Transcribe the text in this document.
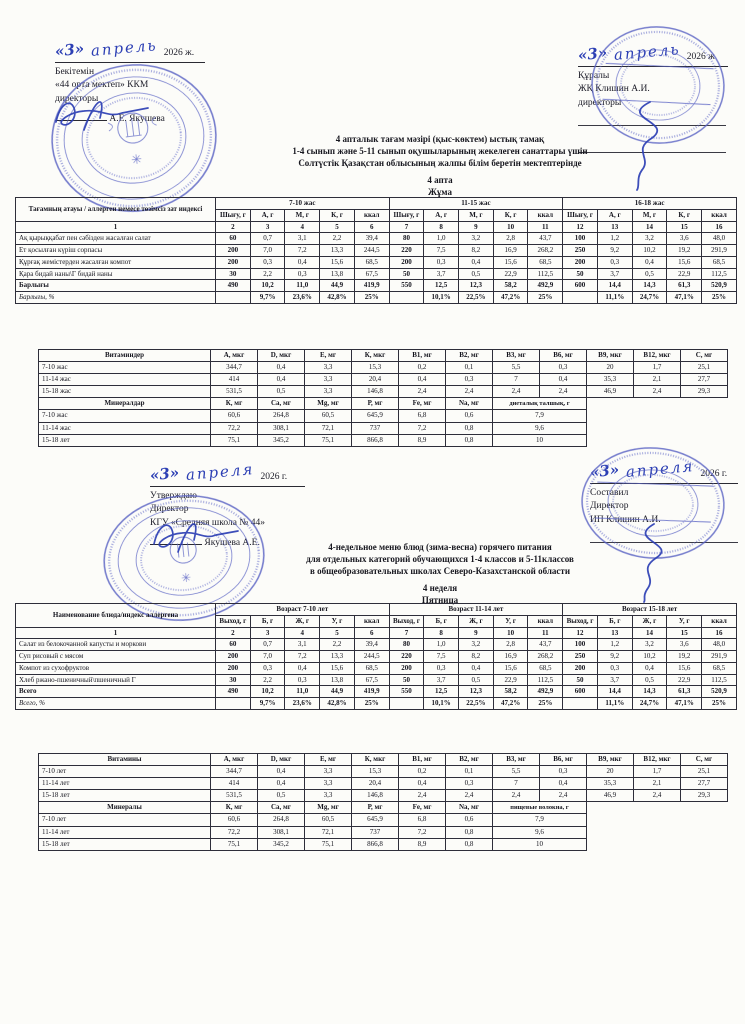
«3» апрель 2026 ж.
Бекітемін
«44 орта мектеп» ККМ
директоры
А.Е. Якушева
«3» апрель 2026 ж
Құралы
ЖҚ Клишин А.И.
директоры
✳
4 апталык тағам мәзірі (қыс-көктем) ыстық тамақ
1-4 сынып және 5-11 сынып оқушыларының жекелеген санаттары үшін
Солтүстік Қазақстан облысының жалпы білім беретін мектептерінде
4 апта
Жұма
Тағамның атауы / аллерген немесе төзімсіз зат индексі	7-10 жас					11-15 жас					16-18 жас				
	Шығу, г	А, г	М, г	К, г	ккал	Шығу, г	А, г	М, г	К, г	ккал	Шығу, г	А, г	М, г	К, г	ккал
1	2	3	4	5	6	7	8	9	10	11	12	13	14	15	16
Ақ қырыққабат пен сәбізден жасалған салат	60	0,7	3,1	2,2	39,4	80	1,0	3,2	2,8	43,7	100	1,2	3,2	3,6	48,0
Ет қосылған күріш сорпасы	200	7,0	7,2	13,3	244,5	220	7,5	8,2	16,9	268,2	250	9,2	10,2	19,2	291,9
Құрғақ жемістерден жасалған компот	200	0,3	0,4	15,6	68,5	200	0,3	0,4	15,6	68,5	200	0,3	0,4	15,6	68,5
Қара бидай наны\Г бидай наны	30	2,2	0,3	13,8	67,5	50	3,7	0,5	22,9	112,5	50	3,7	0,5	22,9	112,5
Барлығы	490	10,2	11,0	44,9	419,9	550	12,5	12,3	58,2	492,9	600	14,4	14,3	61,3	520,9
Барлығы, %		9,7%	23,6%	42,8%	25%		10,1%	22,5%	47,2%	25%		11,1%	24,7%	47,1%	25%
Витаминдер	А, мкг	D, мкг	Е, мг	К, мкг	В1, мг	В2, мг	В3, мг	В6, мг	В9, мкг	В12, мкг	С, мг
7-10 жас	344,7	0,4	3,3	15,3	0,2	0,1	5,5	0,3	20	1,7	25,1
11-14 жас	414	0,4	3,3	20,4	0,4	0,3	7	0,4	35,3	2,1	27,7
15-18 жас	531,5	0,5	3,3	146,8	2,4	2,4	2,4	2,4	46,9	2,4	29,3
Минералдар	К, мг	Са, мг	Mg, мг	Р, мг	Fe, мг	Na, мг	диеталық талшық, г				
7-10 жас	60,6	264,8	60,5	645,9	6,8	0,6	7,9				
11-14 жас	72,2	308,1	72,1	737	7,2	0,8	9,6				
15-18 лет	75,1	345,2	75,1	866,8	8,9	0,8	10				
«3» апреля 2026 г.
Утверждаю
Директор
КГУ «Средняя школа № 44»
Якушева А.Е.
«3» апреля 2026 г.
Составил
Директор
ИП Клишин А.И.
✳
4-недельное меню блюд (зима-весна) горячего питания
для отдельных категорий обучающихся 1-4 классов и 5-11классов
в общеобразовательных школах Северо-Казахстанской области
4 неделя
Пятница
Наименование блюда/индекс аллергена	Возраст 7-10 лет					Возраст 11-14 лет					Возраст 15-18 лет				
	Выход, г	Б, г	Ж, г	У, г	ккал	Выход, г	Б, г	Ж, г	У, г	ккал	Выход, г	Б, г	Ж, г	У, г	ккал
1	2	3	4	5	6	7	8	9	10	11	12	13	14	15	16
Салат из белокочанной капусты и моркови	60	0,7	3,1	2,2	39,4	80	1,0	3,2	2,8	43,7	100	1,2	3,2	3,6	48,0
Суп рисовый с мясом	200	7,0	7,2	13,3	244,5	220	7,5	8,2	16,9	268,2	250	9,2	10,2	19,2	291,9
Компот из сухофруктов	200	0,3	0,4	15,6	68,5	200	0,3	0,4	15,6	68,5	200	0,3	0,4	15,6	68,5
Хлеб ржано-пшеничный\пшеничный Г	30	2,2	0,3	13,8	67,5	50	3,7	0,5	22,9	112,5	50	3,7	0,5	22,9	112,5
Всего	490	10,2	11,0	44,9	419,9	550	12,5	12,3	58,2	492,9	600	14,4	14,3	61,3	520,9
Всего, %		9,7%	23,6%	42,8%	25%		10,1%	22,5%	47,2%	25%		11,1%	24,7%	47,1%	25%
Витамины	А, мкг	D, мкг	Е, мг	К, мкг	В1, мг	В2, мг	В3, мг	В6, мг	В9, мкг	В12, мкг	С, мг
7-10 лет	344,7	0,4	3,3	15,3	0,2	0,1	5,5	0,3	20	1,7	25,1
11-14 лет	414	0,4	3,3	20,4	0,4	0,3	7	0,4	35,3	2,1	27,7
15-18 лет	531,5	0,5	3,3	146,8	2,4	2,4	2,4	2,4	46,9	2,4	29,3
Минералы	К, мг	Са, мг	Mg, мг	Р, мг	Fe, мг	Na, мг	пищевые волокна, г				
7-10 лет	60,6	264,8	60,5	645,9	6,8	0,6	7,9				
11-14 лет	72,2	308,1	72,1	737	7,2	0,8	9,6				
15-18 лет	75,1	345,2	75,1	866,8	8,9	0,8	10				
